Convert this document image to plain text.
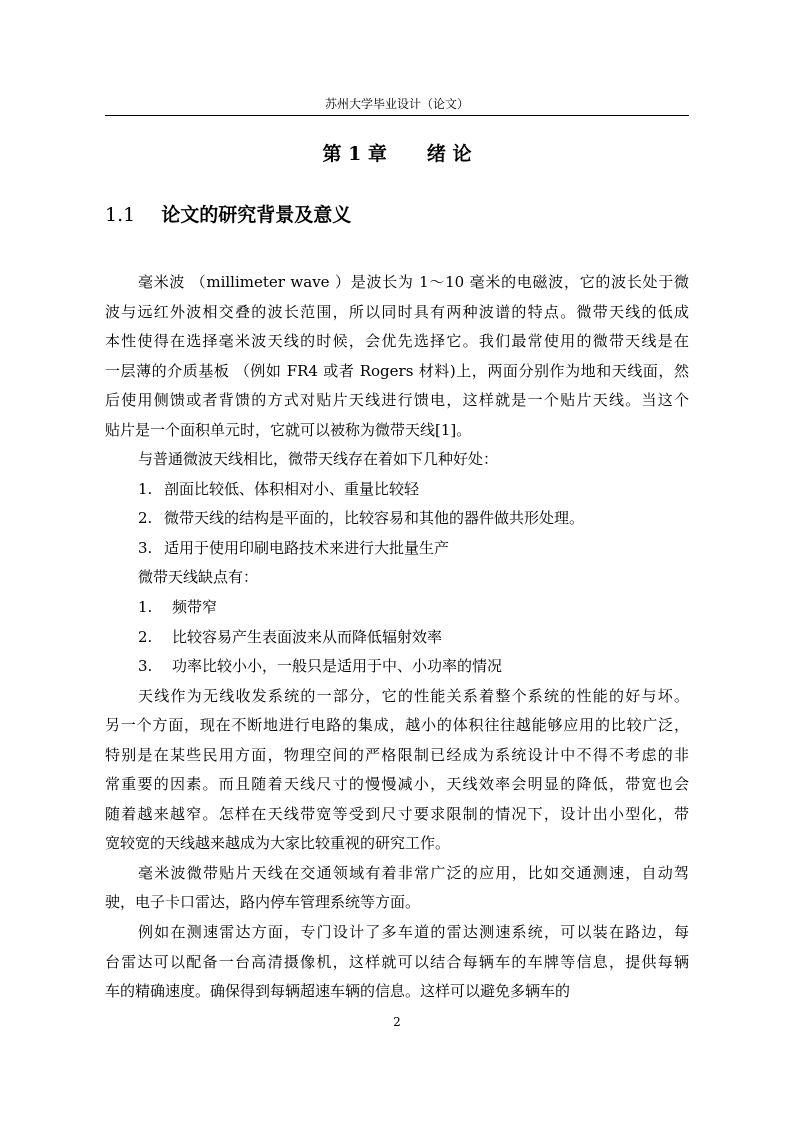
苏州大学毕业设计（论文）
第 1 章 绪 论
1.1 论文的研究背景及意义
毫米波 （millimeter wave ）是波长为 1～10 毫米的电磁波，它的波长处于微
波与远红外波相交叠的波长范围，所以同时具有两种波谱的特点。微带天线的低成
本性使得在选择毫米波天线的时候，会优先选择它。我们最常使用的微带天线是在
一层薄的介质基板 （例如 FR4 或者 Rogers 材料)上，两面分别作为地和天线面，然
后使用侧馈或者背馈的方式对贴片天线进行馈电，这样就是一个贴片天线。当这个
贴片是一个面积单元时，它就可以被称为微带天线[1]。
与普通微波天线相比，微带天线存在着如下几种好处：
1. 剖面比较低、体积相对小、重量比较轻
2. 微带天线的结构是平面的，比较容易和其他的器件做共形处理。
3. 适用于使用印刷电路技术来进行大批量生产
微带天线缺点有：
1. 频带窄
2. 比较容易产生表面波来从而降低辐射效率
3. 功率比较小小，一般只是适用于中、小功率的情况
天线作为无线收发系统的一部分，它的性能关系着整个系统的性能的好与坏。
另一个方面，现在不断地进行电路的集成，越小的体积往往越能够应用的比较广泛，
特别是在某些民用方面，物理空间的严格限制已经成为系统设计中不得不考虑的非
常重要的因素。而且随着天线尺寸的慢慢减小，天线效率会明显的降低，带宽也会
随着越来越窄。怎样在天线带宽等受到尺寸要求限制的情况下，设计出小型化，带
宽较宽的天线越来越成为大家比较重视的研究工作。
毫米波微带贴片天线在交通领域有着非常广泛的应用，比如交通测速，自动驾
驶，电子卡口雷达，路内停车管理系统等方面。
例如在测速雷达方面，专门设计了多车道的雷达测速系统，可以装在路边，每
台雷达可以配备一台高清摄像机，这样就可以结合每辆车的车牌等信息，提供每辆
车的精确速度。确保得到每辆超速车辆的信息。这样可以避免多辆车的
2
